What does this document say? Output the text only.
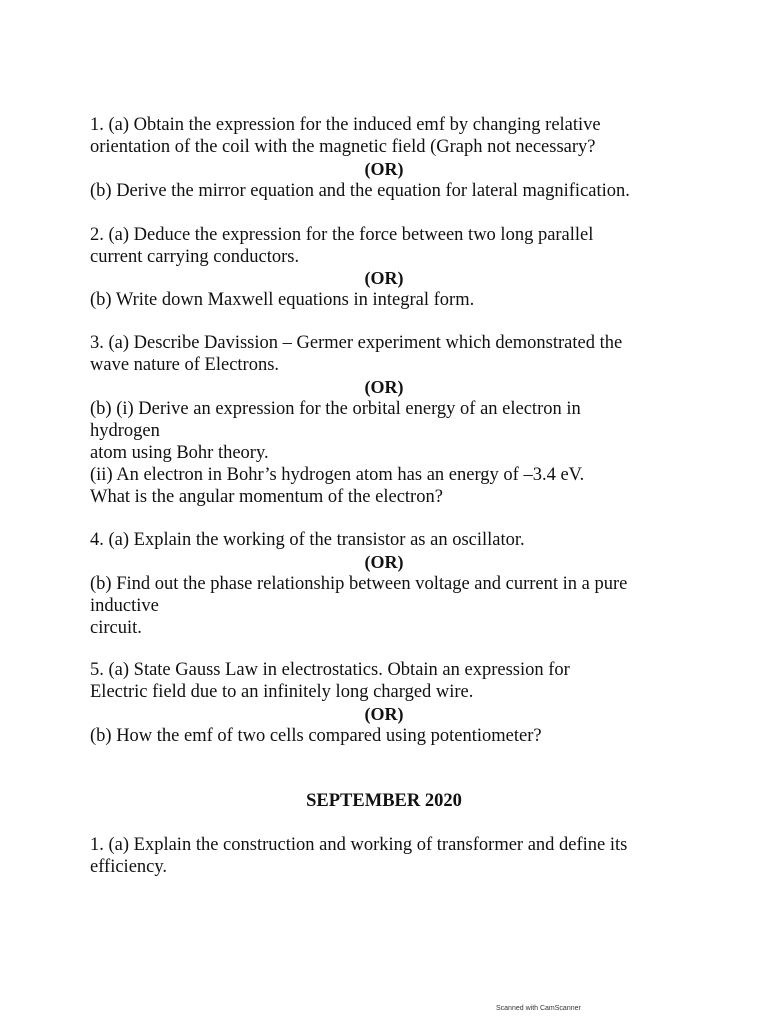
1. (a) Obtain the expression for the induced emf by changing relative
orientation of the coil with the magnetic field (Graph not necessary?
(OR)
(b) Derive the mirror equation and the equation for lateral magnification.
2. (a) Deduce the expression for the force between two long parallel
current carrying conductors.
(OR)
(b) Write down Maxwell equations in integral form.
3. (a) Describe Davission – Germer experiment which demonstrated the
wave nature of Electrons.
(OR)
(b) (i) Derive an expression for the orbital energy of an electron in
hydrogen
atom using Bohr theory.
(ii) An electron in Bohr’s hydrogen atom has an energy of –3.4 eV.
What is the angular momentum of the electron?
4. (a) Explain the working of the transistor as an oscillator.
(OR)
(b) Find out the phase relationship between voltage and current in a pure
inductive
circuit.
5. (a) State Gauss Law in electrostatics. Obtain an expression for
Electric field due to an infinitely long charged wire.
(OR)
(b) How the emf of two cells compared using potentiometer?
SEPTEMBER 2020
1. (a) Explain the construction and working of transformer and define its
efficiency.
Scanned with CamScanner
